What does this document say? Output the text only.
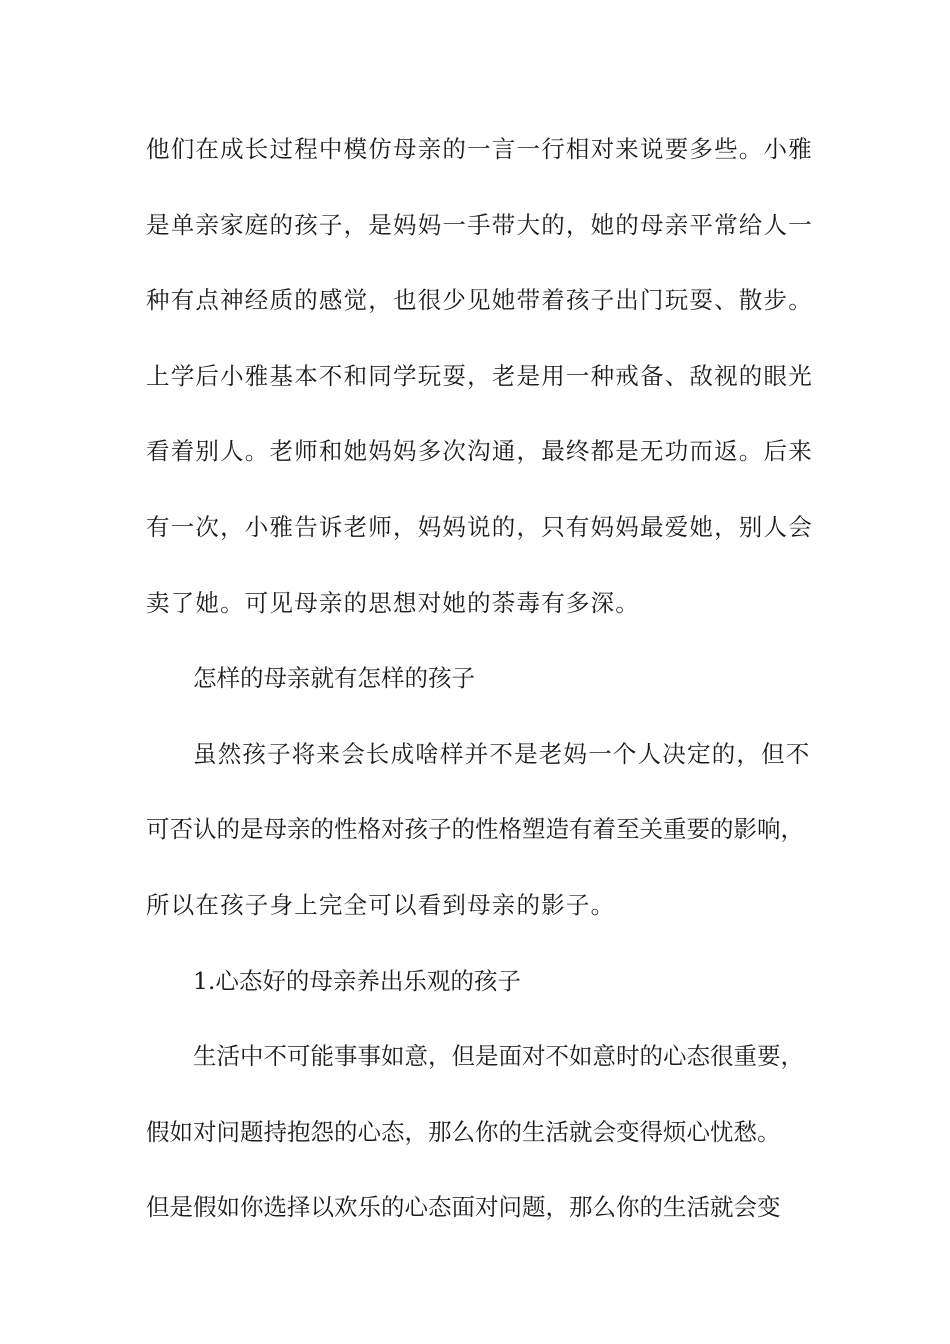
他们在成长过程中模仿母亲的一言一行相对来说要多些。小雅
是单亲家庭的孩子，是妈妈一手带大的，她的母亲平常给人一
种有点神经质的感觉，也很少见她带着孩子出门玩耍、散步。
上学后小雅基本不和同学玩耍，老是用一种戒备、敌视的眼光
看着别人。老师和她妈妈多次沟通，最终都是无功而返。后来
有一次，小雅告诉老师，妈妈说的，只有妈妈最爱她，别人会
卖了她。可见母亲的思想对她的荼毒有多深。
怎样的母亲就有怎样的孩子
虽然孩子将来会长成啥样并不是老妈一个人决定的，但不
可否认的是母亲的性格对孩子的性格塑造有着至关重要的影响，
所以在孩子身上完全可以看到母亲的影子。
1.心态好的母亲养出乐观的孩子
生活中不可能事事如意，但是面对不如意时的心态很重要，
假如对问题持抱怨的心态，那么你的生活就会变得烦心忧愁。
但是假如你选择以欢乐的心态面对问题，那么你的生活就会变
